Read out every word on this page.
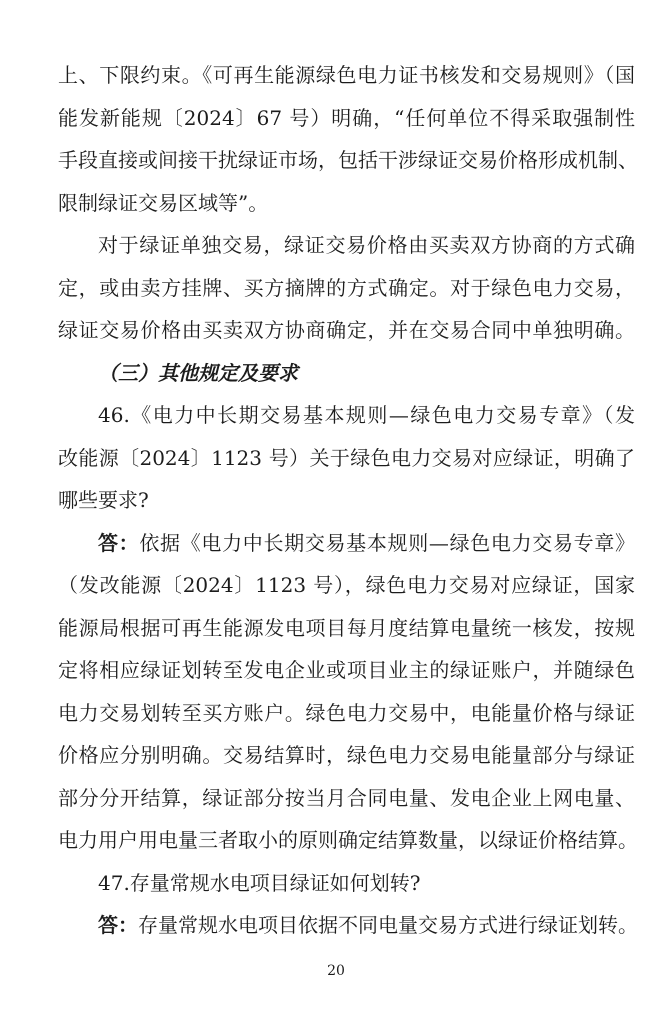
上、下限约束。《可再生能源绿色电力证书核发和交易规则》（国
能发新能规〔2024〕67 号）明确，“任何单位不得采取强制性
手段直接或间接干扰绿证市场，包括干涉绿证交易价格形成机制、
限制绿证交易区域等”。
对于绿证单独交易，绿证交易价格由买卖双方协商的方式确
定，或由卖方挂牌、买方摘牌的方式确定。对于绿色电力交易，
绿证交易价格由买卖双方协商确定，并在交易合同中单独明确。
（三）其他规定及要求
46.《电力中长期交易基本规则—绿色电力交易专章》（发
改能源〔2024〕1123 号）关于绿色电力交易对应绿证，明确了
哪些要求?
答：依据《电力中长期交易基本规则—绿色电力交易专章》
（发改能源〔2024〕1123 号），绿色电力交易对应绿证，国家
能源局根据可再生能源发电项目每月度结算电量统一核发，按规
定将相应绿证划转至发电企业或项目业主的绿证账户，并随绿色
电力交易划转至买方账户。绿色电力交易中，电能量价格与绿证
价格应分别明确。交易结算时，绿色电力交易电能量部分与绿证
部分分开结算，绿证部分按当月合同电量、发电企业上网电量、
电力用户用电量三者取小的原则确定结算数量，以绿证价格结算。
47.存量常规水电项目绿证如何划转?
答：存量常规水电项目依据不同电量交易方式进行绿证划转。
20
